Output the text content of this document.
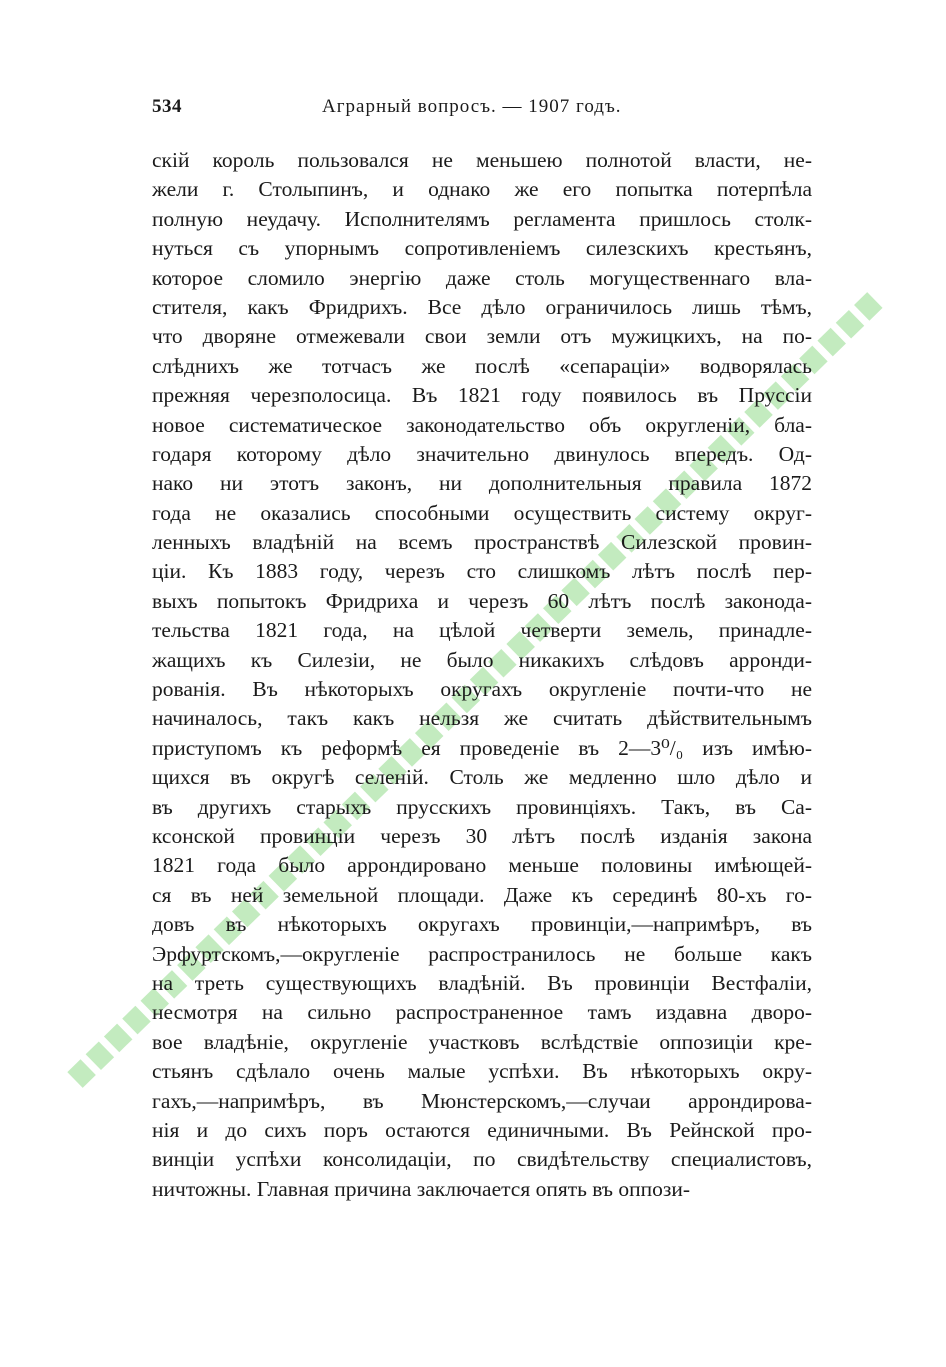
534	Аграрный вопросъ. — 1907 годъ.
скій король пользовался не меньшею полнотой власти, не-
жели г. Столыпинъ, и однако же его попытка потерпѣла
полную неудачу. Исполнителямъ регламента пришлось столк-
нуться съ упорнымъ сопротивленіемъ силезскихъ крестьянъ,
которое сломило энергію даже столь могущественнаго вла-
стителя, какъ Фридрихъ. Все дѣло ограничилось лишь тѣмъ,
что дворяне отмежевали свои земли отъ мужицкихъ, на по-
слѣднихъ же тотчасъ же послѣ «сепараціи» водворялась
прежняя черезполосица. Въ 1821 году появилось въ Пруссіи
новое систематическое законодательство объ округленіи, бла-
годаря которому дѣло значительно двинулось впередъ. Од-
нако ни этотъ законъ, ни дополнительныя правила 1872
года не оказались способными осуществить систему округ-
ленныхъ владѣній на всемъ пространствѣ Силезской провин-
ціи. Къ 1883 году, черезъ сто слишкомъ лѣтъ послѣ пер-
выхъ попытокъ Фридриха и черезъ 60 лѣтъ послѣ законода-
тельства 1821 года, на цѣлой четверти земель, принадле-
жащихъ къ Силезіи, не было никакихъ слѣдовъ арронди-
рованія. Въ нѣкоторыхъ округахъ округленіе почти-что не
начиналось, такъ какъ нельзя же считать дѣйствительнымъ
приступомъ къ реформѣ ея проведеніе въ 2—3⁰/₀ изъ имѣю-
щихся въ округѣ селеній. Столь же медленно шло дѣло и
въ другихъ старыхъ прусскихъ провинціяхъ. Такъ, въ Са-
ксонской провинціи черезъ 30 лѣтъ послѣ изданія закона
1821 года было аррондировано меньше половины имѣющей-
ся въ ней земельной площади. Даже къ серединѣ 80-хъ го-
довъ въ нѣкоторыхъ округахъ провинціи,—напримѣръ, въ
Эрфуртскомъ,—округленіе распространилось не больше какъ
на треть существующихъ владѣній. Въ провинціи Вестфаліи,
несмотря на сильно распространенное тамъ издавна дворо-
вое владѣніе, округленіе участковъ вслѣдствіе оппозиціи кре-
стьянъ сдѣлало очень малые успѣхи. Въ нѣкоторыхъ окру-
гахъ,—напримѣръ, въ Мюнстерскомъ,—случаи аррондирова-
нія и до сихъ поръ остаются единичными. Въ Рейнской про-
винціи успѣхи консолидаціи, по свидѣтельству специалистовъ,
ничтожны. Главная причина заключается опять въ оппози-
